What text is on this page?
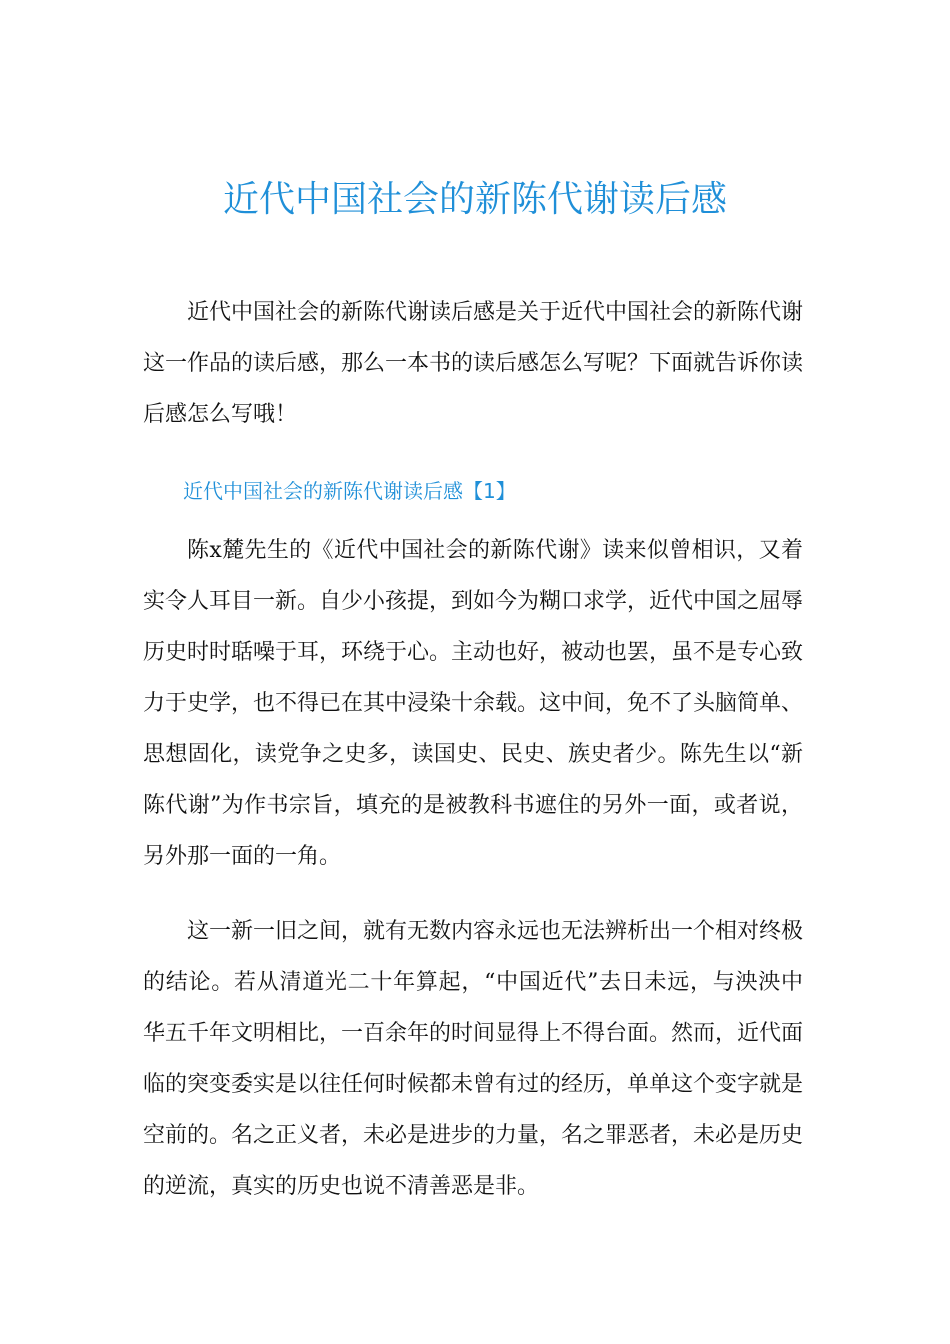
近代中国社会的新陈代谢读后感

近代中国社会的新陈代谢读后感是关于近代中国社会的新陈代谢这一作品的读后感，那么一本书的读后感怎么写呢？下面就告诉你读后感怎么写哦！

近代中国社会的新陈代谢读后感【1】

陈x麓先生的《近代中国社会的新陈代谢》读来似曾相识，又着实令人耳目一新。自少小孩提，到如今为糊口求学，近代中国之屈辱历史时时聒噪于耳，环绕于心。主动也好，被动也罢，虽不是专心致力于史学，也不得已在其中浸染十余载。这中间，免不了头脑简单、思想固化，读党争之史多，读国史、民史、族史者少。陈先生以“新陈代谢”为作书宗旨，填充的是被教科书遮住的另外一面，或者说，另外那一面的一角。

这一新一旧之间，就有无数内容永远也无法辨析出一个相对终极的结论。若从清道光二十年算起，“中国近代”去日未远，与泱泱中华五千年文明相比，一百余年的时间显得上不得台面。然而，近代面临的突变委实是以往任何时候都未曾有过的经历，单单这个变字就是空前的。名之正义者，未必是进步的力量，名之罪恶者，未必是历史的逆流，真实的历史也说不清善恶是非。
